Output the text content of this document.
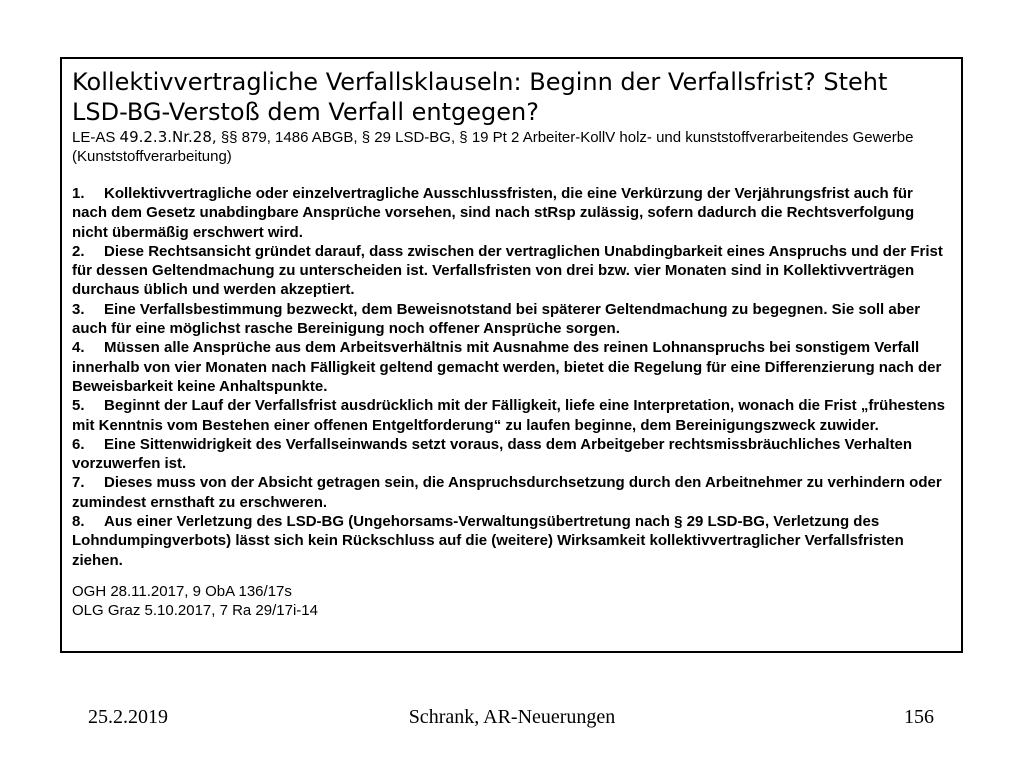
Kollektivvertragliche Verfallsklauseln: Beginn der Verfallsfrist? Steht LSD-BG-Verstoß dem Verfall entgegen?
LE-AS 49.2.3.Nr.28, §§ 879, 1486 ABGB, § 29 LSD-BG, § 19 Pt 2 Arbeiter-KollV holz- und kunststoffverarbeitendes Gewerbe (Kunststoffverarbeitung)
1. Kollektivvertragliche oder einzelvertragliche Ausschlussfristen, die eine Verkürzung der Verjährungsfrist auch für nach dem Gesetz unabdingbare Ansprüche vorsehen, sind nach stRsp zulässig, sofern dadurch die Rechtsverfolgung nicht übermäßig erschwert wird.
2. Diese Rechtsansicht gründet darauf, dass zwischen der vertraglichen Unabdingbarkeit eines Anspruchs und der Frist für dessen Geltendmachung zu unterscheiden ist. Verfallsfristen von drei bzw. vier Monaten sind in Kollektivverträgen durchaus üblich und werden akzeptiert.
3. Eine Verfallsbestimmung bezweckt, dem Beweisnotstand bei späterer Geltendmachung zu begegnen. Sie soll aber auch für eine möglichst rasche Bereinigung noch offener Ansprüche sorgen.
4. Müssen alle Ansprüche aus dem Arbeitsverhältnis mit Ausnahme des reinen Lohnanspruchs bei sonstigem Verfall innerhalb von vier Monaten nach Fälligkeit geltend gemacht werden, bietet die Regelung für eine Differenzierung nach der Beweisbarkeit keine Anhaltspunkte.
5. Beginnt der Lauf der Verfallsfrist ausdrücklich mit der Fälligkeit, liefe eine Interpretation, wonach die Frist „frühestens mit Kenntnis vom Bestehen einer offenen Entgeltforderung“ zu laufen beginne, dem Bereinigungszweck zuwider.
6. Eine Sittenwidrigkeit des Verfallseinwands setzt voraus, dass dem Arbeitgeber rechtsmissbräuchliches Verhalten vorzuwerfen ist.
7. Dieses muss von der Absicht getragen sein, die Anspruchsdurchsetzung durch den Arbeitnehmer zu verhindern oder zumindest ernsthaft zu erschweren.
8. Aus einer Verletzung des LSD-BG (Ungehorsams-Verwaltungsübertretung nach § 29 LSD-BG, Verletzung des Lohndumpingverbots) lässt sich kein Rückschluss auf die (weitere) Wirksamkeit kollektivvertraglicher Verfallsfristen ziehen.
OGH 28.11.2017, 9 ObA 136/17s
OLG Graz 5.10.2017, 7 Ra 29/17i-14
25.2.2019	Schrank, AR-Neuerungen	156
